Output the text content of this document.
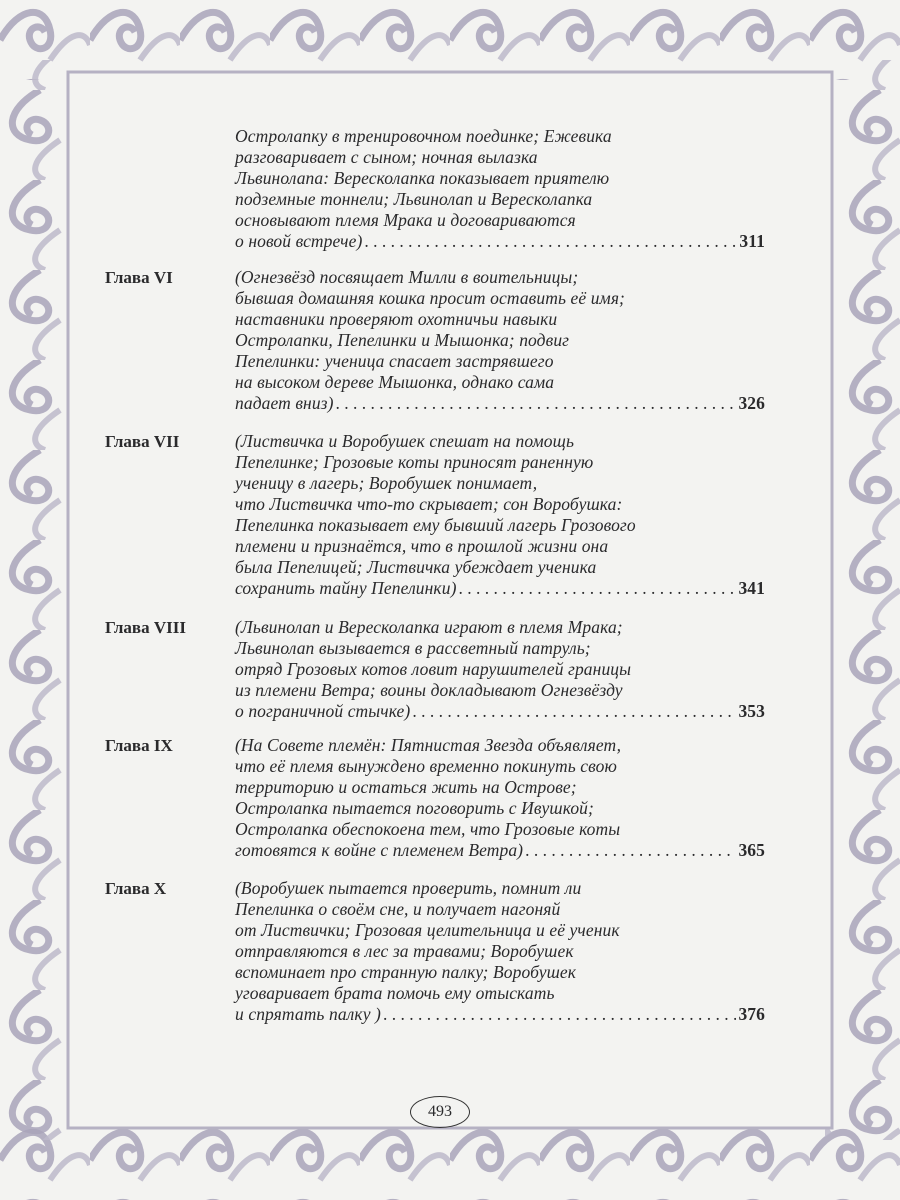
Остролапку в тренировочном поединке; Ежевика
разговаривает с сыном; ночная вылазка
Львинолапа: Вересколапка показывает приятелю
подземные тоннели; Львинолап и Вересколапка
основывают племя Мрака и договариваются
о новой встрече) . . .	311
Глава VI	(Огнезвёзд посвящает Милли в воительницы;
бывшая домашняя кошка просит оставить её имя;
наставники проверяют охотничьи навыки
Остролапки, Пепелинки и Мышонка; подвиг
Пепелинки: ученица спасает застрявшего
на высоком дереве Мышонка, однако сама
падает вниз) . . .	326
Глава VII	(Листвичка и Воробушек спешат на помощь
Пепелинке; Грозовые коты приносят раненную
ученицу в лагерь; Воробушек понимает,
что Листвичка что-то скрывает; сон Воробушка:
Пепелинка показывает ему бывший лагерь Грозового
племени и признаётся, что в прошлой жизни она
была Пепелицей; Листвичка убеждает ученика
сохранить тайну Пепелинки) . . .	341
Глава VIII	(Львинолап и Вересколапка играют в племя Мрака;
Львинолап вызывается в рассветный патруль;
отряд Грозовых котов ловит нарушителей границы
из племени Ветра; воины докладывают Огнезвёзду
о пограничной стычке) . . .	353
Глава IX	(На Совете племён: Пятнистая Звезда объявляет,
что её племя вынуждено временно покинуть свою
территорию и остаться жить на Острове;
Остролапка пытается поговорить с Ивушкой;
Остролапка обеспокоена тем, что Грозовые коты
готовятся к войне с племенем Ветра) . . .	365
Глава X	(Воробушек пытается проверить, помнит ли
Пепелинка о своём сне, и получает нагоняй
от Листвички; Грозовая целительница и её ученик
отправляются в лес за травами; Воробушек
вспоминает про странную палку; Воробушек
уговаривает брата помочь ему отыскать
и спрятать палку ) . . .	376
493
